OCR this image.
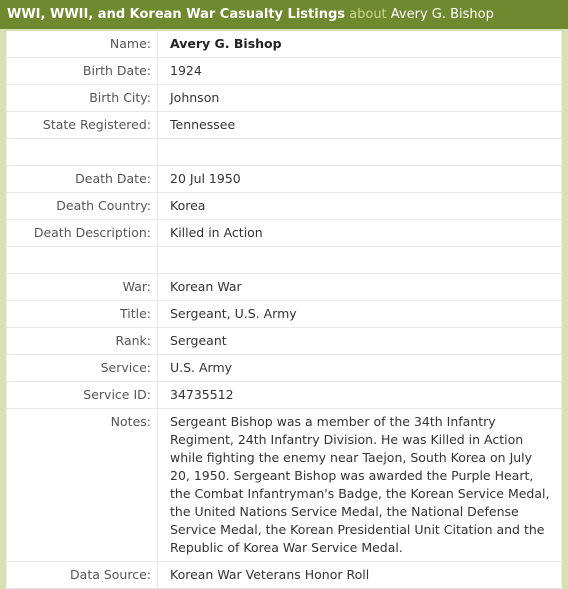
WWI, WWII, and Korean War Casualty Listings about Avery G. Bishop
Name:	Avery G. Bishop
Birth Date:	1924
Birth City:	Johnson
State Registered:	Tennessee

Death Date:	20 Jul 1950
Death Country:	Korea
Death Description:	Killed in Action

War:	Korean War
Title:	Sergeant, U.S. Army
Rank:	Sergeant
Service:	U.S. Army
Service ID:	34735512
Notes:	Sergeant Bishop was a member of the 34th Infantry Regiment, 24th Infantry Division. He was Killed in Action while fighting the enemy near Taejon, South Korea on July 20, 1950. Sergeant Bishop was awarded the Purple Heart, the Combat Infantryman's Badge, the Korean Service Medal, the United Nations Service Medal, the National Defense Service Medal, the Korean Presidential Unit Citation and the Republic of Korea War Service Medal.
Data Source:	Korean War Veterans Honor Roll
